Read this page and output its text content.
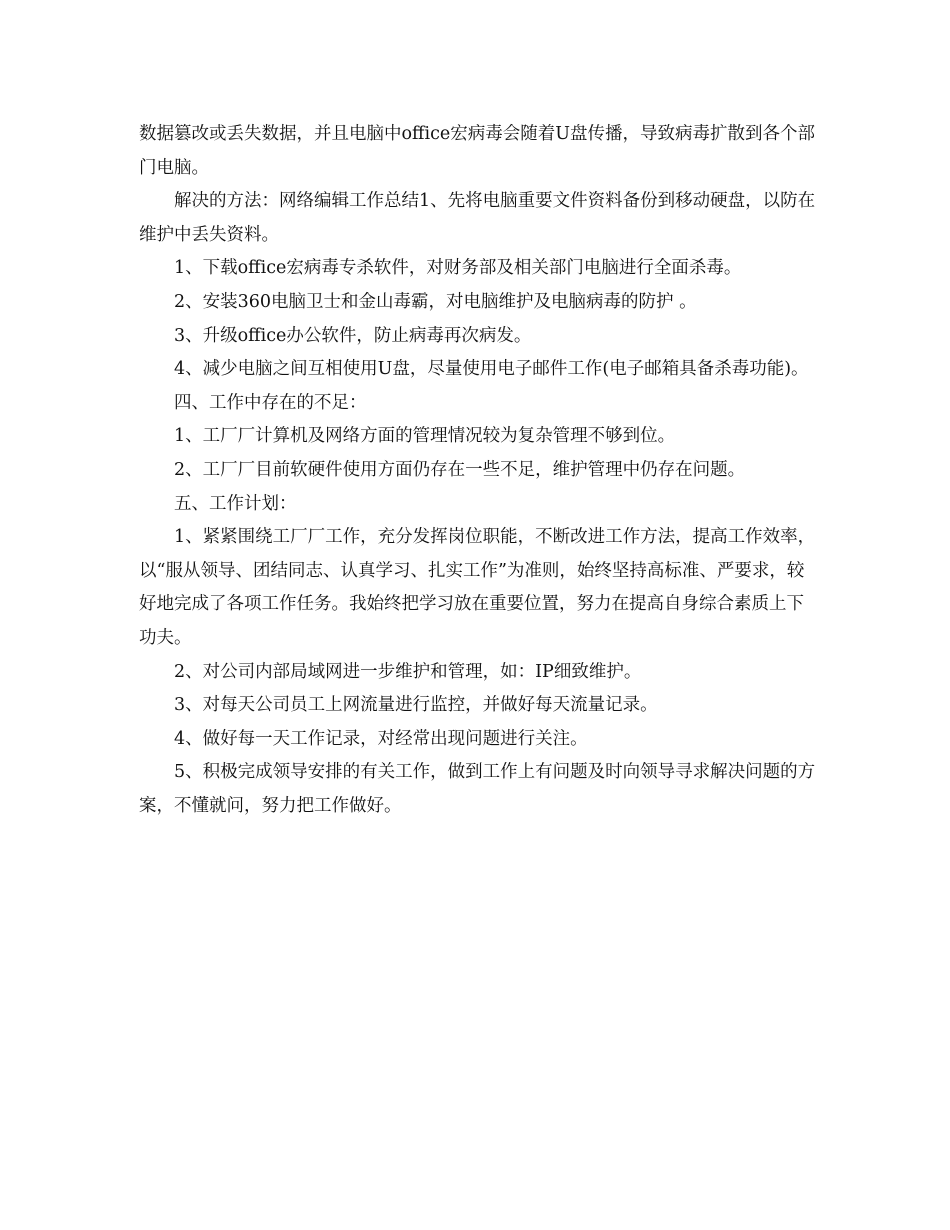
数据篡改或丢失数据，并且电脑中office宏病毒会随着U盘传播，导致病毒扩散到各个部门电脑。

解决的方法：网络编辑工作总结1、先将电脑重要文件资料备份到移动硬盘，以防在维护中丢失资料。

1、下载office宏病毒专杀软件，对财务部及相关部门电脑进行全面杀毒。

2、安装360电脑卫士和金山毒霸，对电脑维护及电脑病毒的防护 。

3、升级office办公软件，防止病毒再次病发。

4、减少电脑之间互相使用U盘，尽量使用电子邮件工作(电子邮箱具备杀毒功能)。

四、工作中存在的不足：

1、工厂厂计算机及网络方面的管理情况较为复杂管理不够到位。

2、工厂厂目前软硬件使用方面仍存在一些不足，维护管理中仍存在问题。

五、工作计划：

1、紧紧围绕工厂厂工作，充分发挥岗位职能，不断改进工作方法，提高工作效率，以“服从领导、团结同志、认真学习、扎实工作”为准则，始终坚持高标准、严要求，较好地完成了各项工作任务。我始终把学习放在重要位置，努力在提高自身综合素质上下功夫。

2、对公司内部局域网进一步维护和管理，如：IP细致维护。

3、对每天公司员工上网流量进行监控，并做好每天流量记录。

4、做好每一天工作记录，对经常出现问题进行关注。

5、积极完成领导安排的有关工作，做到工作上有问题及时向领导寻求解决问题的方案，不懂就问，努力把工作做好。
